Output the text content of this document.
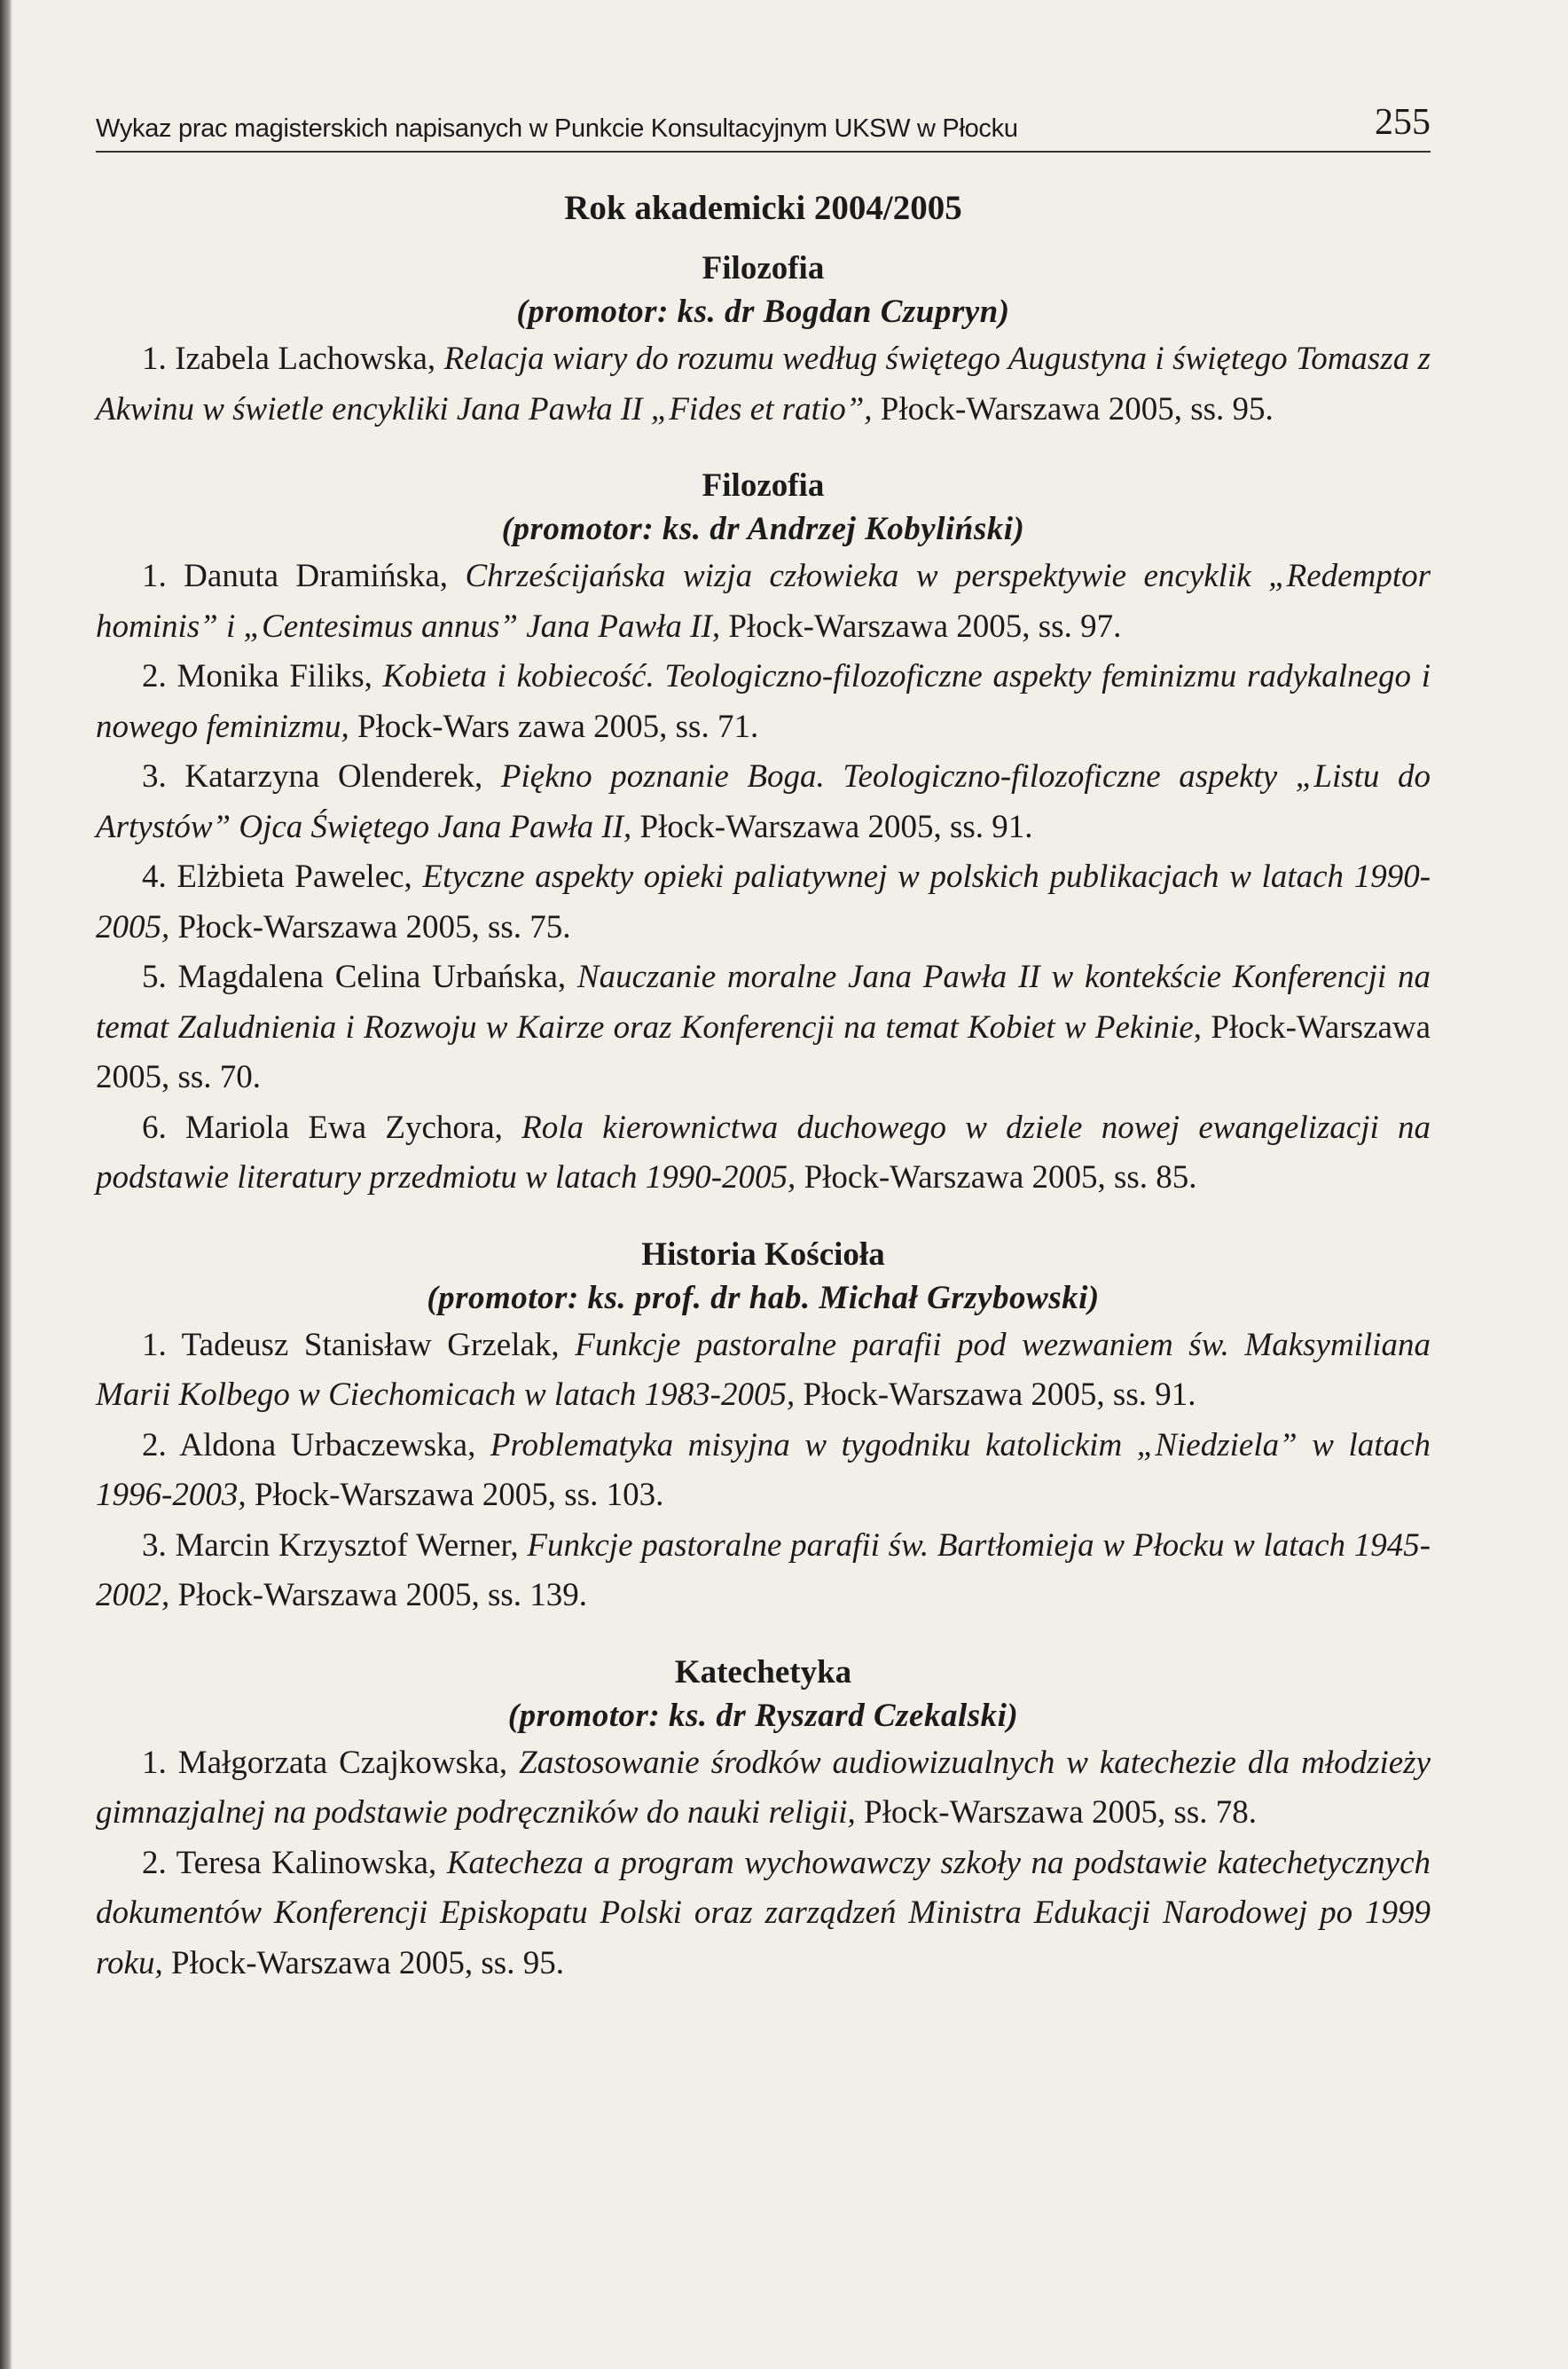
Wykaz prac magisterskich napisanych w Punkcie Konsultacyjnym UKSW w Płocku	255
Rok akademicki 2004/2005
Filozofia
(promotor: ks. dr Bogdan Czupryn)

1. Izabela Lachowska, Relacja wiary do rozumu według świętego Augustyna i świętego Tomasza z Akwinu w świetle encykliki Jana Pawła II „Fides et ratio”, Płock-Warszawa 2005, ss. 95.

Filozofia
(promotor: ks. dr Andrzej Kobyliński)

1. Danuta Dramińska, Chrześcijańska wizja człowieka w perspektywie encyklik „Redemptor hominis” i „Centesimus annus” Jana Pawła II, Płock-Warszawa 2005, ss. 97.

2. Monika Filiks, Kobieta i kobiecość. Teologiczno-filozoficzne aspekty feminizmu radykalnego i nowego feminizmu, Płock-Wars zawa 2005, ss. 71.

3. Katarzyna Olenderek, Piękno poznanie Boga. Teologiczno-filozoficzne aspekty „Listu do Artystów” Ojca Świętego Jana Pawła II, Płock-Warszawa 2005, ss. 91.

4. Elżbieta Pawelec, Etyczne aspekty opieki paliatywnej w polskich publikacjach w latach 1990-2005, Płock-Warszawa 2005, ss. 75.

5. Magdalena Celina Urbańska, Nauczanie moralne Jana Pawła II w kontekście Konferencji na temat Zaludnienia i Rozwoju w Kairze oraz Konferencji na temat Kobiet w Pekinie, Płock-Warszawa 2005, ss. 70.

6. Mariola Ewa Zychora, Rola kierownictwa duchowego w dziele nowej ewangelizacji na podstawie literatury przedmiotu w latach 1990-2005, Płock-Warszawa 2005, ss. 85.

Historia Kościoła
(promotor: ks. prof. dr hab. Michał Grzybowski)

1. Tadeusz Stanisław Grzelak, Funkcje pastoralne parafii pod wezwaniem św. Maksymiliana Marii Kolbego w Ciechomicach w latach 1983-2005, Płock-Warszawa 2005, ss. 91.

2. Aldona Urbaczewska, Problematyka misyjna w tygodniku katolickim „Niedziela” w latach 1996-2003, Płock-Warszawa 2005, ss. 103.

3. Marcin Krzysztof Werner, Funkcje pastoralne parafii św. Bartłomieja w Płocku w latach 1945-2002, Płock-Warszawa 2005, ss. 139.

Katechetyka
(promotor: ks. dr Ryszard Czekalski)

1. Małgorzata Czajkowska, Zastosowanie środków audiowizualnych w katechezie dla młodzieży gimnazjalnej na podstawie podręczników do nauki religii, Płock-Warszawa 2005, ss. 78.

2. Teresa Kalinowska, Katecheza a program wychowawczy szkoły na podstawie katechetycznych dokumentów Konferencji Episkopatu Polski oraz zarządzeń Ministra Edukacji Narodowej po 1999 roku, Płock-Warszawa 2005, ss. 95.
